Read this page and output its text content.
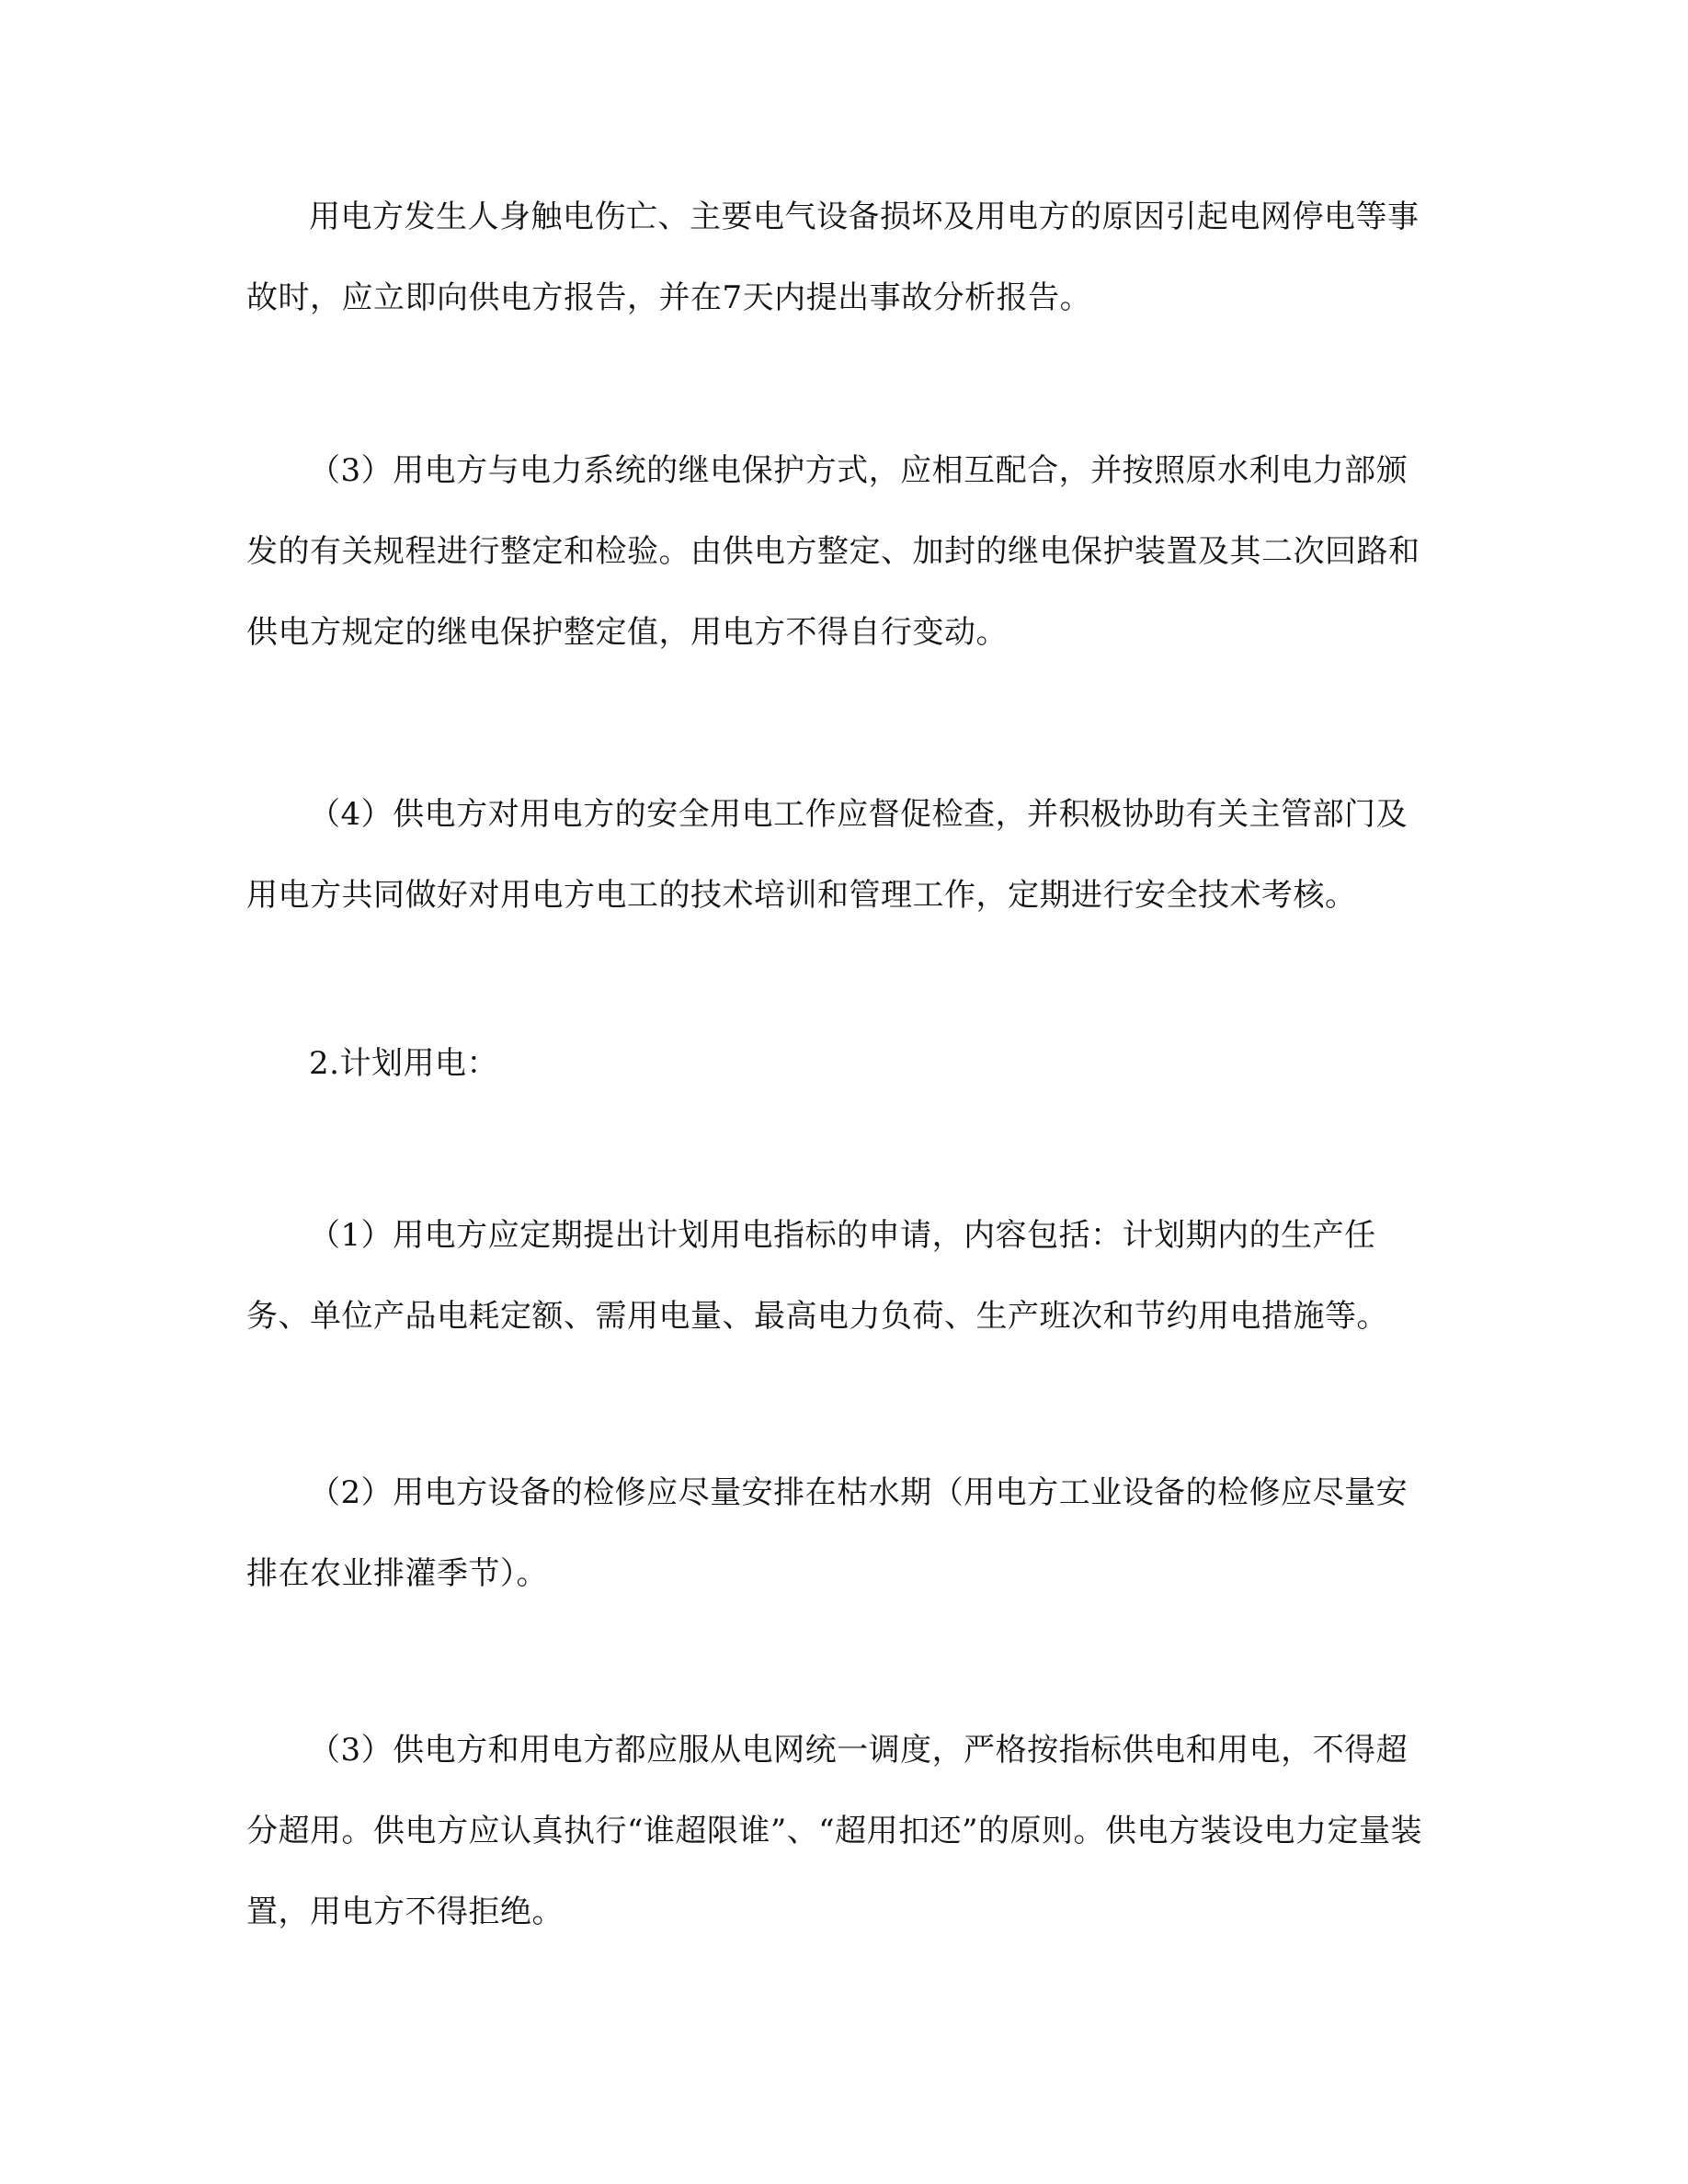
用电方发生人身触电伤亡、主要电气设备损坏及用电方的原因引起电网停电等事故时，应立即向供电方报告，并在7天内提出事故分析报告。

（3）用电方与电力系统的继电保护方式，应相互配合，并按照原水利电力部颁发的有关规程进行整定和检验。由供电方整定、加封的继电保护装置及其二次回路和供电方规定的继电保护整定值，用电方不得自行变动。

（4）供电方对用电方的安全用电工作应督促检查，并积极协助有关主管部门及用电方共同做好对用电方电工的技术培训和管理工作，定期进行安全技术考核。

2.计划用电：

（1）用电方应定期提出计划用电指标的申请，内容包括：计划期内的生产任务、单位产品电耗定额、需用电量、最高电力负荷、生产班次和节约用电措施等。

（2）用电方设备的检修应尽量安排在枯水期（用电方工业设备的检修应尽量安排在农业排灌季节）。

（3）供电方和用电方都应服从电网统一调度，严格按指标供电和用电，不得超分超用。供电方应认真执行“谁超限谁”、“超用扣还”的原则。供电方装设电力定量装置，用电方不得拒绝。
